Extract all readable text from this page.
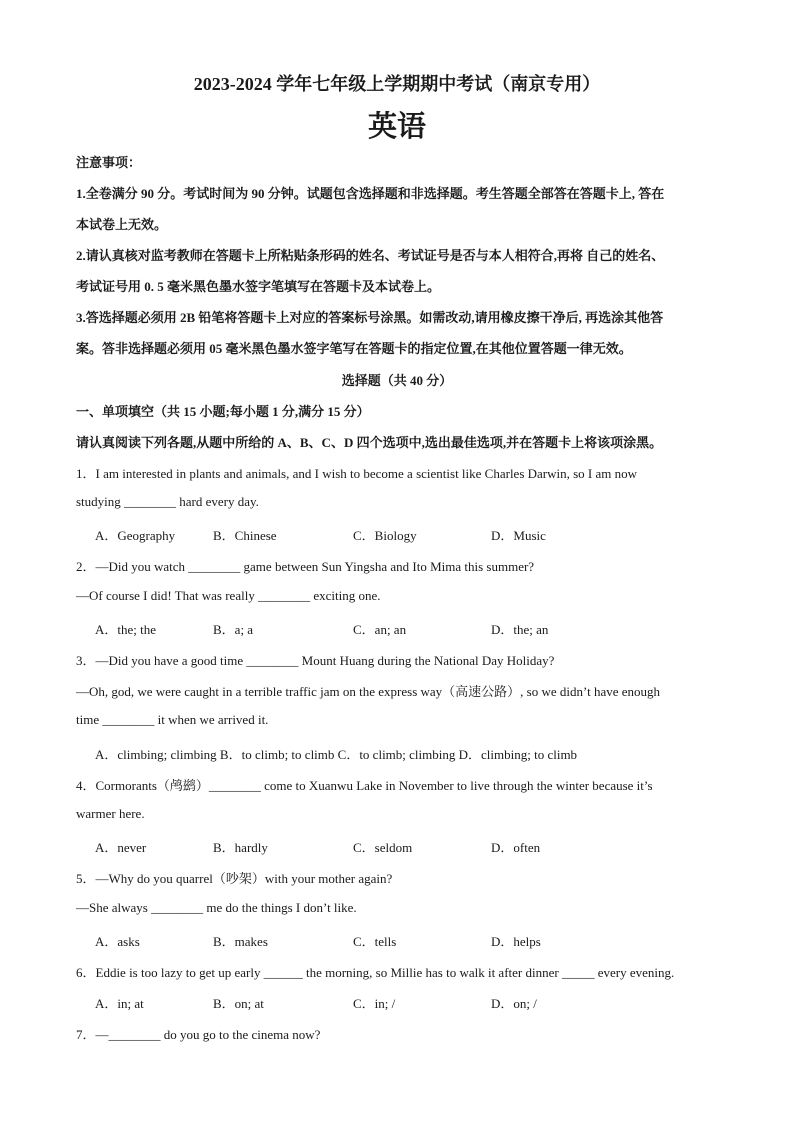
2023-2024 学年七年级上学期期中考试（南京专用）
英语
注意事项：
1.全卷满分 90 分。考试时间为 90 分钟。试题包含选择题和非选择题。考生答题全部答在答题卡上, 答在
本试卷上无效。
2.请认真核对监考教师在答题卡上所粘贴条形码的姓名、考试证号是否与本人相符合,再将 自己的姓名、
考试证号用 0. 5 毫米黑色墨水签字笔填写在答题卡及本试卷上。
3.答选择题必须用 2B 铅笔将答题卡上对应的答案标号涂黑。如需改动,请用橡皮擦干净后, 再选涂其他答
案。答非选择题必须用 05 毫米黑色墨水签字笔写在答题卡的指定位置,在其他位置答题一律无效。
选择题（共 40 分）
一、单项填空（共 15 小题;每小题 1 分,满分 15 分）
请认真阅读下列各题,从题中所给的 A、B、C、D 四个选项中,选出最佳选项,并在答题卡上将该项涂黑。
1．I am interested in plants and animals, and I wish to become a scientist like Charles Darwin, so I am now
studying ________ hard every day.
A．Geography	B．Chinese	C．Biology	D．Music
2．—Did you watch ________ game between Sun Yingsha and Ito Mima this summer?
—Of course I did! That was really ________ exciting one.
A．the; the	B．a; a	C．an; an	D．the; an
3．—Did you have a good time ________ Mount Huang during the National Day Holiday?
—Oh, god, we were caught in a terrible traffic jam on the express way（高速公路）, so we didn’t have enough
time ________ it when we arrived it.
A．climbing; climbing B．to climb; to climb C．to climb; climbing D．climbing; to climb
4．Cormorants（鸬鹚）________ come to Xuanwu Lake in November to live through the winter because it’s
warmer here.
A．never	B．hardly	C．seldom	D．often
5．—Why do you quarrel（吵架）with your mother again?
—She always ________ me do the things I don’t like.
A．asks	B．makes	C．tells	D．helps
6．Eddie is too lazy to get up early ______ the morning, so Millie has to walk it after dinner _____ every evening.
A．in; at	B．on; at	C．in; /	D．on; /
7．—________ do you go to the cinema now?
